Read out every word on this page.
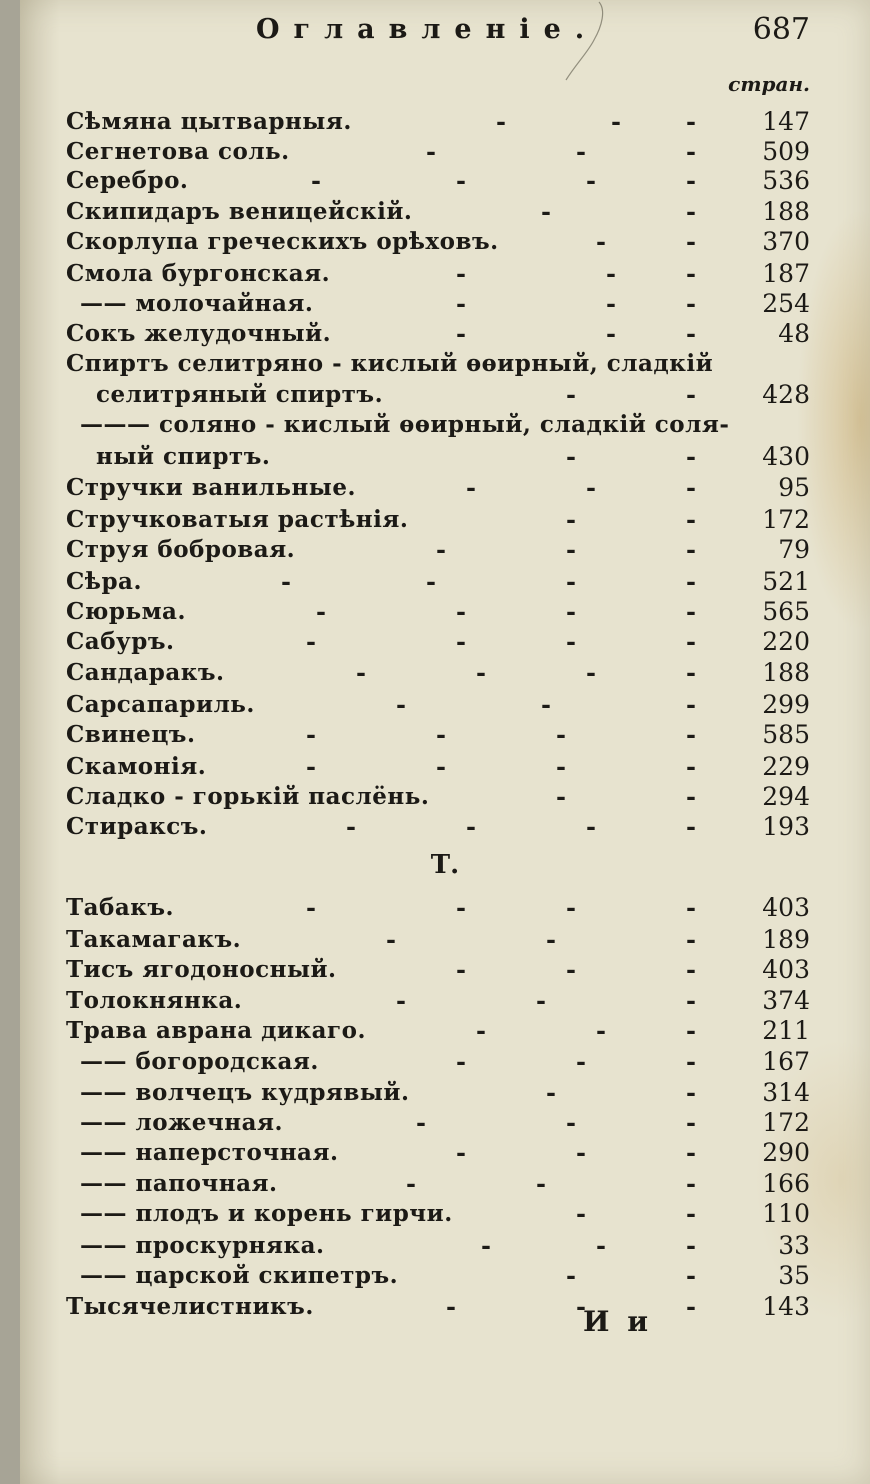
Оглавленіе.	687
стран.
Сѣмяна цытварныя.	-	-	-	147
Сегнетова соль.	-	-	-	509
Серебро.	-	-	-	-	536
Скипидаръ веницейскій.	-	-	188
Скорлупа греческихъ орѣховъ.	-	-	370
Смола бургонская.	-	-	-	187
—— молочайная.	-	-	-	254
Сокъ желудочный.	-	-	-	48
Спиртъ селитряно - кислый ѳѳирный, сладкій
селитряный спиртъ.	-	-	428
——— соляно - кислый ѳѳирный, сладкій соля-
ный спиртъ.	-	-	430
Стручки ванильные.	-	-	-	95
Стручковатыя растѣнія.	-	-	172
Струя бобровая.	-	-	-	79
Сѣра.	-	-	-	-	521
Сюрьма.	-	-	-	-	565
Сабуръ.	-	-	-	-	220
Сандаракъ.	-	-	-	-	188
Сарсапариль.	-	-	-	299
Свинецъ.	-	-	-	-	585
Скамонія.	-	-	-	-	229
Сладко - горькій паслёнь.	-	-	294
Стираксъ.	-	-	-	-	193
Т.
Табакъ.	-	-	-	-	403
Такамагакъ.	-	-	-	189
Тисъ ягодоносный.	-	-	-	403
Толокнянка.	-	-	-	374
Трава аврана дикаго.	-	-	-	211
—— богородская.	-	-	-	167
—— волчецъ кудрявый.	-	-	314
—— ложечная.	-	-	-	172
—— наперсточная.	-	-	-	290
—— папочная.	-	-	-	166
—— плодъ и корень гирчи.	-	-	110
—— проскурняка.	-	-	-	33
—— царской скипетръ.	-	-	35
Тысячелистникъ.	-	-	-	143
И и
